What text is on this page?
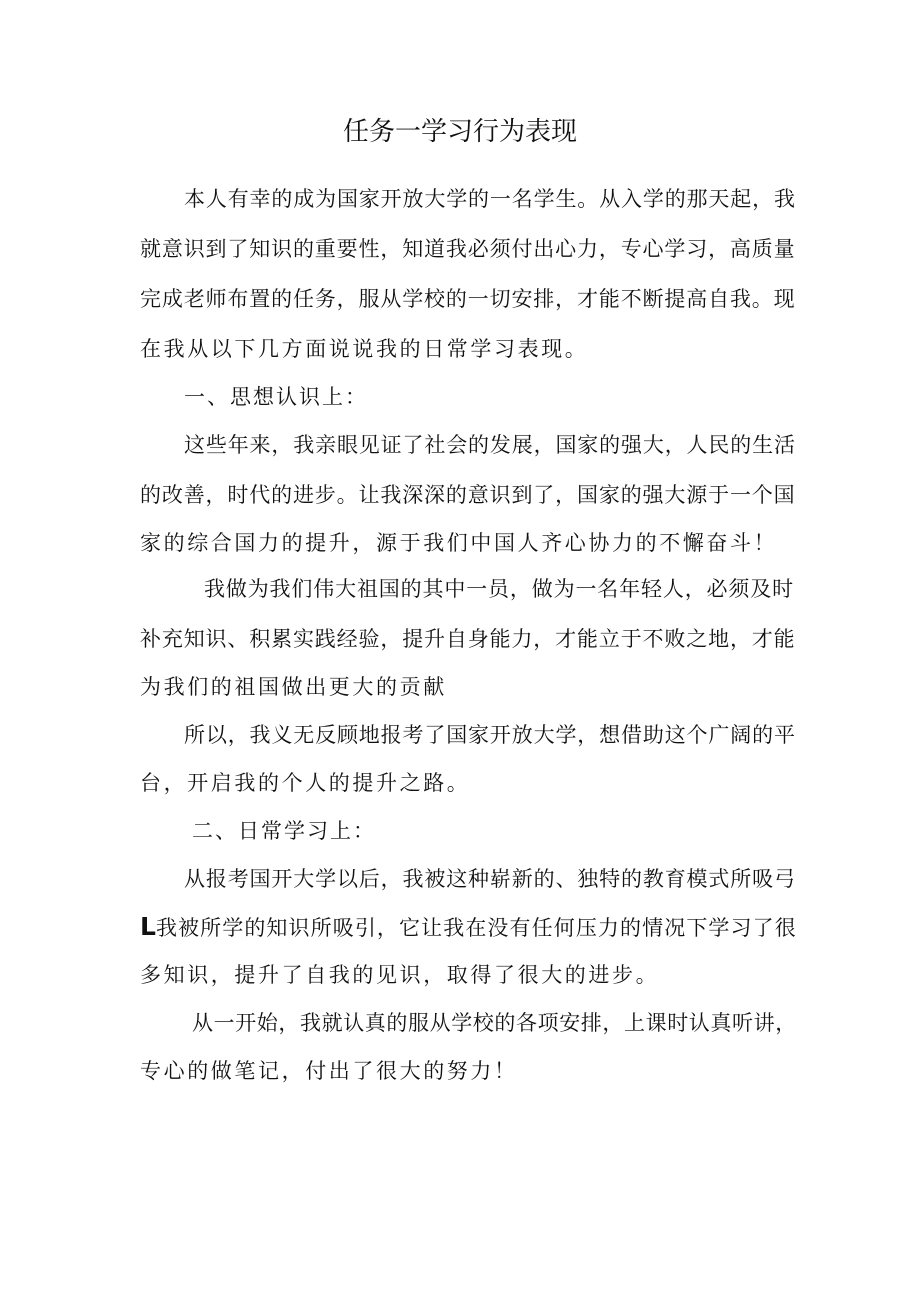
任务一学习行为表现
本人有幸的成为国家开放大学的一名学生。从入学的那天起，我
就意识到了知识的重要性，知道我必须付出心力，专心学习，高质量
完成老师布置的任务，服从学校的一切安排，才能不断提高自我。现
在我从以下几方面说说我的日常学习表现。
一、思想认识上：
这些年来，我亲眼见证了社会的发展，国家的强大，人民的生活
的改善，时代的进步。让我深深的意识到了，国家的强大源于一个国
家的综合国力的提升，源于我们中国人齐心协力的不懈奋斗！
我做为我们伟大祖国的其中一员，做为一名年轻人，必须及时
补充知识、积累实践经验，提升自身能力，才能立于不败之地，才能
为我们的祖国做出更大的贡献
所以，我义无反顾地报考了国家开放大学，想借助这个广阔的平
台，开启我的个人的提升之路。
二、日常学习上：
从报考国开大学以后，我被这种崭新的、独特的教育模式所吸弓
L我被所学的知识所吸引，它让我在没有任何压力的情况下学习了很
多知识，提升了自我的见识，取得了很大的进步。
从一开始，我就认真的服从学校的各项安排，上课时认真听讲，
专心的做笔记，付出了很大的努力！
